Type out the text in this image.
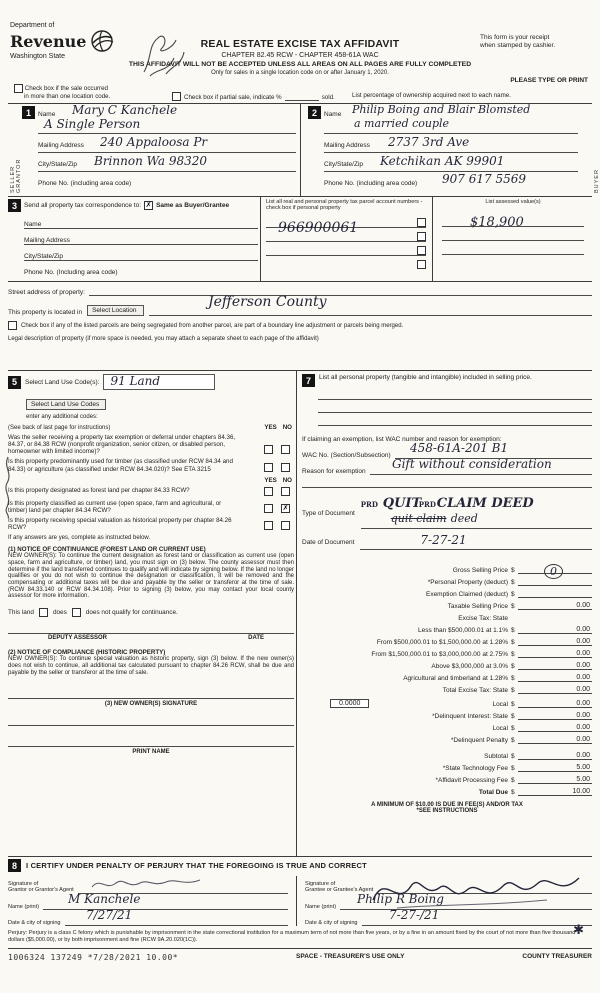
Department of
Revenue
Washington State
REAL ESTATE EXCISE TAX AFFIDAVIT
CHAPTER 82.45 RCW - CHAPTER 458-61A WAC
This form is your receipt
when stamped by cashier.
THIS AFFIDAVIT WILL NOT BE ACCEPTED UNLESS ALL AREAS ON ALL PAGES ARE FULLY COMPLETED
Only for sales in a single location code on or after January 1, 2020.
PLEASE TYPE OR PRINT
Check box if the sale occurred
in more than one location code.	Check box if partial sale, indicate %	sold.	List percentage of ownership acquired next to each name.
1
SELLER GRANTOR
Name Mary C Kanchele
A Single Person
Mailing Address 240 Appaloosa Pr
City/State/Zip Brinnon Wa 98320
Phone No. (including area code)
2
BUYER
Name Philip Boing and Blair Blomsted
a married couple
Mailing Address 2737 3rd Ave
City/State/Zip Ketchikan AK 99901
Phone No. (including area code) 907 617 5569
3	Send all property tax correspondence to: ✗ Same as Buyer/Grantee
Name
Mailing Address
City/State/Zip
Phone No. (Including area code)
List all real and personal property tax parcel account numbers - check box if personal property
966900061
List assessed value(s)
$18,900
Street address of property:
This property is located in	Select Location
Jefferson County
Check box if any of the listed parcels are being segregated from another parcel, are part of a boundary line adjustment or parcels being merged.
Legal description of property (if more space is needed, you may attach a separate sheet to each page of the affidavit)
5	Select Land Use Code(s): 91 Land
Select Land Use Codes
enter any additional codes:
(See back of last page for instructions)	YES NO
Was the seller receiving a property tax exemption or deferral under chapters 84.36, 84.37, or 84.38 RCW (nonprofit organization, senior citizen, or disabled person, homeowner with limited income)?
Is this property predominantly used for timber (as classified under RCW 84.34 and 84.33) or agriculture (as classified under RCW 84.34.020)? See ETA 3215
YES NO
Is this property designated as forest land per chapter 84.33 RCW?
Is this property classified as current use (open space, farm and agricultural, or timber) land per chapter 84.34 RCW?	✗
Is this property receiving special valuation as historical property per chapter 84.26 RCW?
If any answers are yes, complete as instructed below.
(1) NOTICE OF CONTINUANCE (FOREST LAND OR CURRENT USE)
NEW OWNER(S): To continue the current designation as forest land or classification as current use (open space, farm and agriculture, or timber) land, you must sign on (3) below. The county assessor must then determine if the land transferred continues to qualify and will indicate by signing below. If the land no longer qualifies or you do not wish to continue the designation or classification, it will be removed and the compensating or additional taxes will be due and payable by the seller or transferor at the time of sale. (RCW 84.33.140 or RCW 84.34.108). Prior to signing (3) below, you may contact your local county assessor for more information.
This land	does	does not qualify for continuance.
DEPUTY ASSESSOR	DATE
(2) NOTICE OF COMPLIANCE (HISTORIC PROPERTY)
NEW OWNER(S): To continue special valuation as historic property, sign (3) below. If the new owner(s) does not wish to continue, all additional tax calculated pursuant to chapter 84.26 RCW, shall be due and payable by the seller or transferor at the time of sale.
(3) NEW OWNER(S) SIGNATURE
PRINT NAME
7	List all personal property (tangible and intangible) included in selling price.
If claiming an exemption, list WAC number and reason for exemption:
WAC No. (Section/Subsection)
458-61A-201 B1
Reason for exemption
Gift without consideration
Type of Document
PRD QUIT
PRD CLAIM DEED
quit claim deed
Date of Document	7-27-21
Gross Selling Price $	0
*Personal Property (deduct) $
Exemption Claimed (deduct) $
Taxable Selling Price $	0.00
Excise Tax: State
Less than $500,000.01 at 1.1% $	0.00
From $500,000.01 to $1,500,000.00 at 1.28% $	0.00
From $1,500,000.01 to $3,000,000.00 at 2.75% $	0.00
Above $3,000,000 at 3.0% $	0.00
Agricultural and timberland at 1.28% $	0.00
Total Excise Tax: State $	0.00
0.0000	Local $	0.00
*Delinquent Interest: State $	0.00
Local $	0.00
*Delinquent Penalty $	0.00
Subtotal $	0.00
*State Technology Fee $	5.00
*Affidavit Processing Fee $	5.00
Total Due $	10.00
A MINIMUM OF $10.00 IS DUE IN FEE(S) AND/OR TAX
*SEE INSTRUCTIONS
8	I CERTIFY UNDER PENALTY OF PERJURY THAT THE FOREGOING IS TRUE AND CORRECT
Signature of
Grantor or Grantor's Agent
Name (print)
M Kanchele
Date & city of signing
7/27/21
Signature of
Grantee or Grantee's Agent
Name (print)
Philip R Boing
Date & city of signing
7-27-/21
✱
Perjury: Perjury is a class C felony which is punishable by imprisonment in the state correctional institution for a maximum term of not more than five years, or by a fine in an amount fixed by the court of not more than five thousand dollars ($5,000.00), or by both imprisonment and fine (RCW 9A.20.020(1C)).
1006324 137249 *7/28/2021 10.00*	SPACE - TREASURER'S USE ONLY	COUNTY TREASURER
